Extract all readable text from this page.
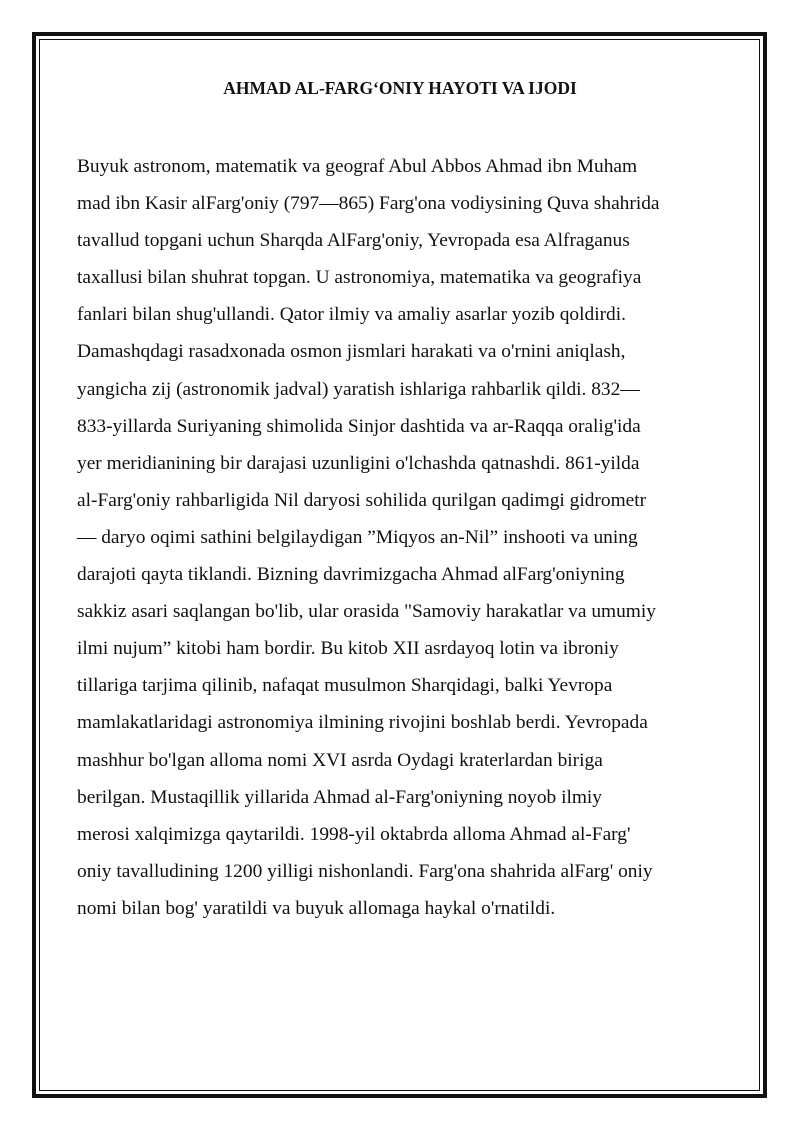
AHMAD AL-FARG‘ONIY HAYOTI VA IJODI
Buyuk astronom, matematik va geograf Abul Abbos Ahmad ibn Muham
mad ibn Kasir alFarg'oniy (797—865) Farg'ona vodiysining Quva shahrida
tavallud topgani uchun Sharqda AlFarg'oniy, Yevropada esa Alfraganus
taxallusi bilan shuhrat topgan. U astronomiya, matematika va geografiya
fanlari bilan shug'ullandi. Qator ilmiy va amaliy asarlar yozib qoldirdi.
Damashqdagi rasadxonada osmon jismlari harakati va o'rnini aniqlash,
yangicha zij (astronomik jadval) yaratish ishlariga rahbarlik qildi. 832—
833-yillarda Suriyaning shimolida Sinjor dashtida va ar-Raqqa oralig'ida
yer meridianining bir darajasi uzunligini o'lchashda qatnashdi. 861-yilda
al-Farg'oniy rahbarligida Nil daryosi sohilida qurilgan qadimgi gidrometr
— daryo oqimi sathini belgilaydigan ”Miqyos an-Nil” inshooti va uning
darajoti qayta tiklandi. Bizning davrimizgacha Ahmad alFarg'oniyning
sakkiz asari saqlangan bo'lib, ular orasida "Samoviy harakatlar va umumiy
ilmi nujum” kitobi ham bordir. Bu kitob XII asrdayoq lotin va ibroniy
tillariga tarjima qilinib, nafaqat musulmon Sharqidagi, balki Yevropa
mamlakatlaridagi astronomiya ilmining rivojini boshlab berdi. Yevropada
mashhur bo'lgan alloma nomi XVI asrda Oydagi kraterlardan biriga
berilgan. Mustaqillik yillarida Ahmad al-Farg'oniyning noyob ilmiy
merosi xalqimizga qaytarildi. 1998-yil oktabrda alloma Ahmad al-Farg'
oniy tavalludining 1200 yilligi nishonlandi. Farg'ona shahrida alFarg' oniy
nomi bilan bog' yaratildi va buyuk allomaga haykal o'rnatildi.
